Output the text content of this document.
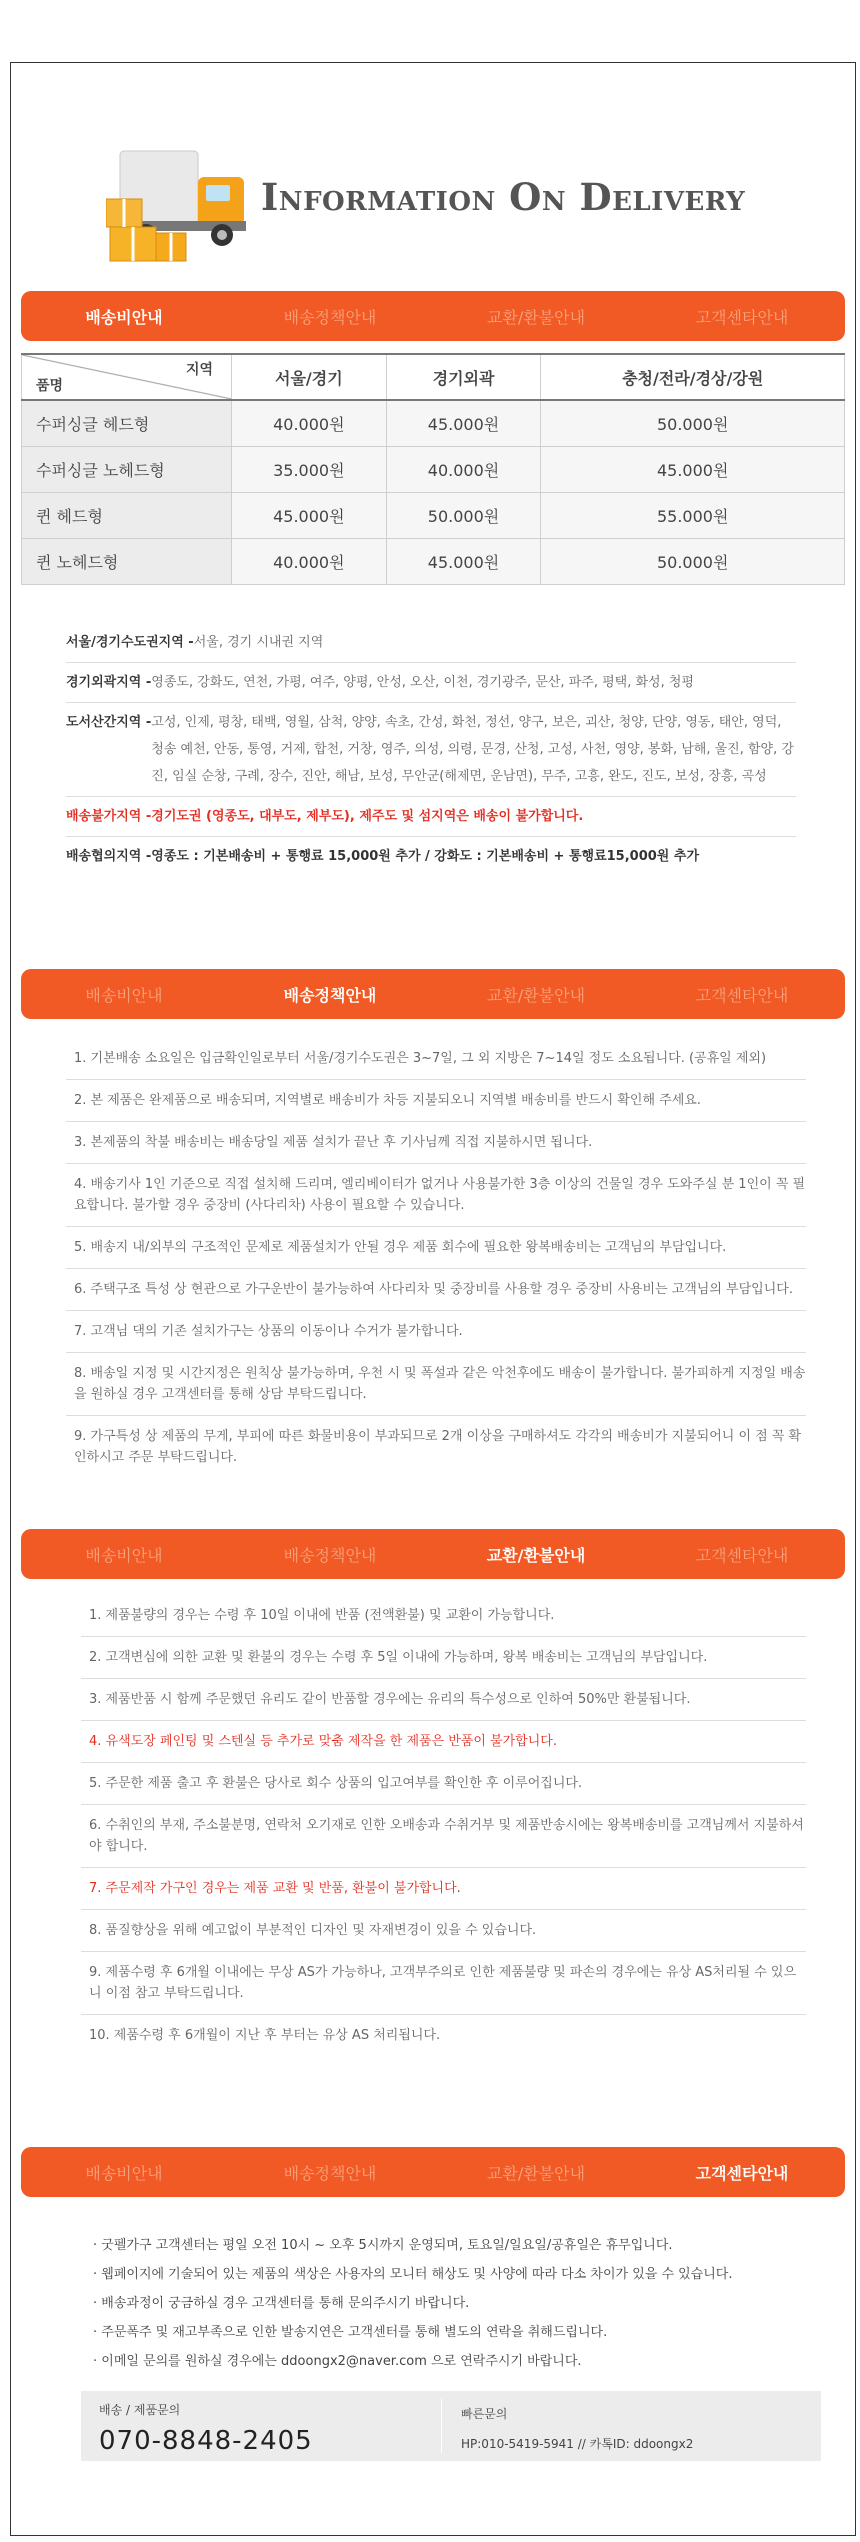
Information On Delivery
배송비안내	배송정책안내	교환/환불안내	고객센타안내
지역
품명	서울/경기	경기외곽	충청/전라/경상/강원
수퍼싱글 헤드형	40.000원	45.000원	50.000원
수퍼싱글 노헤드형	35.000원	40.000원	45.000원
퀸 헤드형	45.000원	50.000원	55.000원
퀸 노헤드형	40.000원	45.000원	50.000원
서울/경기수도권지역 - 서울, 경기 시내권 지역
경기외곽지역 - 영종도, 강화도, 연천, 가평, 여주, 양평, 안성, 오산, 이천, 경기광주, 문산, 파주, 평택, 화성, 청평
도서산간지역 - 고성, 인제, 평창, 태백, 영월, 삼척, 양양, 속초, 간성, 화천, 정선, 양구, 보은, 괴산, 청양, 단양, 영동, 태안, 영덕, 청송 예천, 안동, 통영, 거제, 합천, 거창, 영주, 의성, 의령, 문경, 산청, 고성, 사천, 영양, 봉화, 남해, 울진, 함양, 강진, 임실 순창, 구례, 장수, 진안, 해남, 보성, 무안군(해제면, 운남면), 무주, 고흥, 완도, 진도, 보성, 장흥, 곡성
배송불가지역 - 경기도권 (영종도, 대부도, 제부도), 제주도 및 섬지역은 배송이 불가합니다.
배송협의지역 - 영종도 : 기본배송비 + 통행료 15,000원 추가 / 강화도 : 기본배송비 + 통행료15,000원 추가
배송비안내	배송정책안내	교환/환불안내	고객센타안내
1. 기본배송 소요일은 입금확인일로부터 서울/경기수도권은 3~7일, 그 외 지방은 7~14일 정도 소요됩니다. (공휴일 제외)
2. 본 제품은 완제품으로 배송되며, 지역별로 배송비가 차등 지불되오니 지역별 배송비를 반드시 확인해 주세요.
3. 본제품의 착불 배송비는 배송당일 제품 설치가 끝난 후 기사님께 직접 지불하시면 됩니다.
4. 배송기사 1인 기준으로 직접 설치해 드리며, 엘리베이터가 없거나 사용불가한 3층 이상의 건물일 경우 도와주실 분 1인이 꼭 필요합니다. 불가할 경우 중장비 (사다리차) 사용이 필요할 수 있습니다.
5. 배송지 내/외부의 구조적인 문제로 제품설치가 안될 경우 제품 회수에 필요한 왕복배송비는 고객님의 부담입니다.
6. 주택구조 특성 상 현관으로 가구운반이 불가능하여 사다리차 및 중장비를 사용할 경우 중장비 사용비는 고객님의 부담입니다.
7. 고객님 댁의 기존 설치가구는 상품의 이동이나 수거가 불가합니다.
8. 배송일 지정 및 시간지정은 원칙상 불가능하며, 우천 시 및 폭설과 같은 악천후에도 배송이 불가합니다. 불가피하게 지정일 배송을 원하실 경우 고객센터를 통해 상담 부탁드립니다.
9. 가구특성 상 제품의 무게, 부피에 따른 화물비용이 부과되므로 2개 이상을 구매하셔도 각각의 배송비가 지불되어니 이 점 꼭 확인하시고 주문 부탁드립니다.
배송비안내	배송정책안내	교환/환불안내	고객센타안내
1. 제품불량의 경우는 수령 후 10일 이내에 반품 (전액환불) 및 교환이 가능합니다.
2. 고객변심에 의한 교환 및 환불의 경우는 수령 후 5일 이내에 가능하며, 왕복 배송비는 고객님의 부담입니다.
3. 제품반품 시 함께 주문했던 유리도 같이 반품할 경우에는 유리의 특수성으로 인하여 50%만 환불됩니다.
4. 유색도장 페인팅 및 스텐실 등 추가로 맞춤 제작을 한 제품은 반품이 불가합니다.
5. 주문한 제품 출고 후 환불은 당사로 회수 상품의 입고여부를 확인한 후 이루어집니다.
6. 수취인의 부재, 주소불분명, 연락처 오기재로 인한 오배송과 수취거부 및 제품반송시에는 왕복배송비를 고객님께서 지불하셔야 합니다.
7. 주문제작 가구인 경우는 제품 교환 및 반품, 환불이 불가합니다.
8. 품질향상을 위해 예고없이 부분적인 디자인 및 자재변경이 있을 수 있습니다.
9. 제품수령 후 6개월 이내에는 무상 AS가 가능하나, 고객부주의로 인한 제품불량 및 파손의 경우에는 유상 AS처리될 수 있으니 이점 참고 부탁드립니다.
10. 제품수령 후 6개월이 지난 후 부터는 유상 AS 처리됩니다.
배송비안내	배송정책안내	교환/환불안내	고객센타안내
· 굿펠가구 고객센터는 평일 오전 10시 ~ 오후 5시까지 운영되며, 토요일/일요일/공휴일은 휴무입니다.
· 웹페이지에 기술되어 있는 제품의 색상은 사용자의 모니터 해상도 및 사양에 따라 다소 차이가 있을 수 있습니다.
· 배송과정이 궁금하실 경우 고객센터를 통해 문의주시기 바랍니다.
· 주문폭주 및 재고부족으로 인한 발송지연은 고객센터를 통해 별도의 연락을 취해드립니다.
· 이메일 문의를 원하실 경우에는 ddoongx2@naver.com 으로 연락주시기 바랍니다.
배송 / 제품문의
070-8848-2405
빠른문의
HP:010-5419-5941 // 카톡ID: ddoongx2
